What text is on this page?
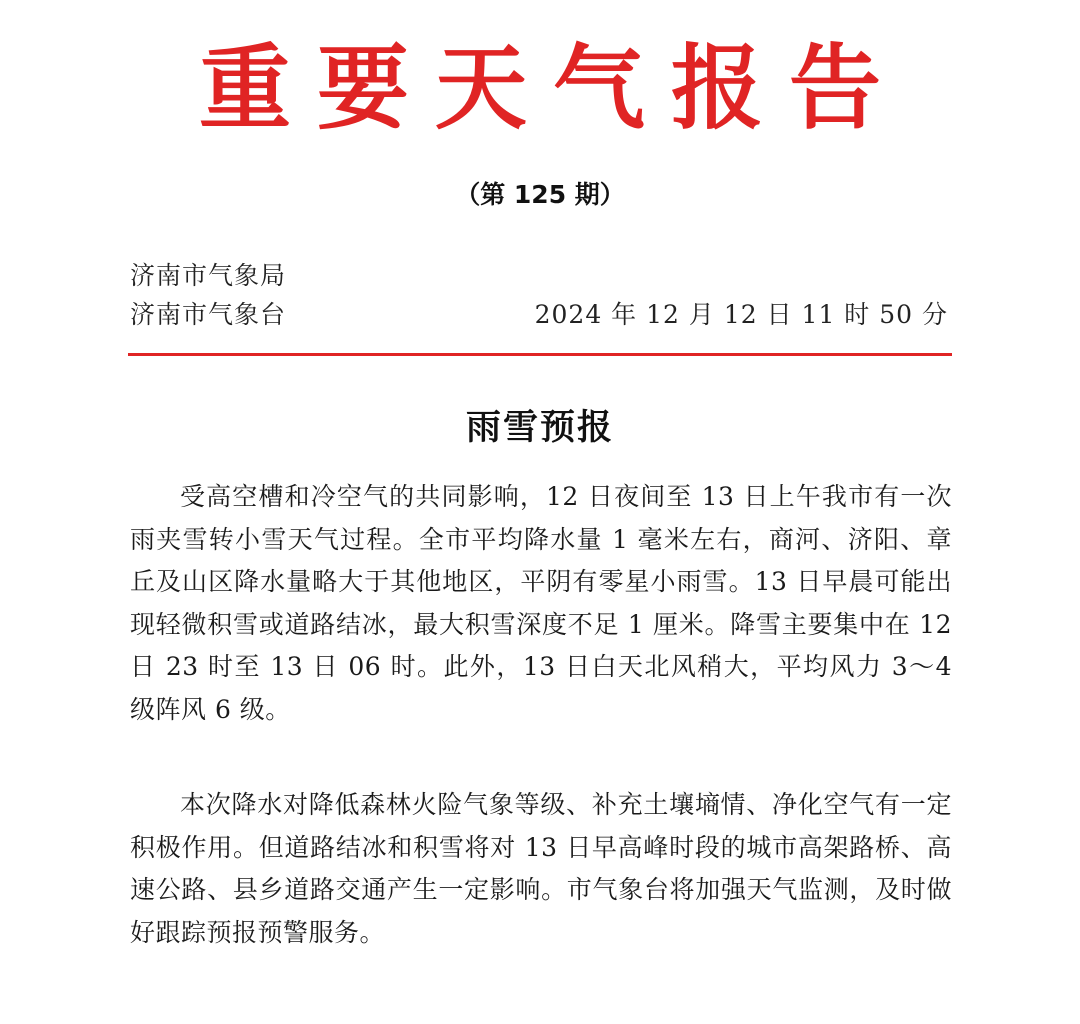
重要天气报告
（第 125 期）
济南市气象局
济南市气象台	2024 年 12 月 12 日 11 时 50 分
雨雪预报

受高空槽和冷空气的共同影响，12 日夜间至 13 日上午我市有一次雨夹雪转小雪天气过程。全市平均降水量 1 毫米左右，商河、济阳、章丘及山区降水量略大于其他地区，平阴有零星小雨雪。13 日早晨可能出现轻微积雪或道路结冰，最大积雪深度不足 1 厘米。降雪主要集中在 12 日 23 时至 13 日 06 时。此外，13 日白天北风稍大，平均风力 3～4 级阵风 6 级。

本次降水对降低森林火险气象等级、补充土壤墒情、净化空气有一定积极作用。但道路结冰和积雪将对 13 日早高峰时段的城市高架路桥、高速公路、县乡道路交通产生一定影响。市气象台将加强天气监测，及时做好跟踪预报预警服务。
